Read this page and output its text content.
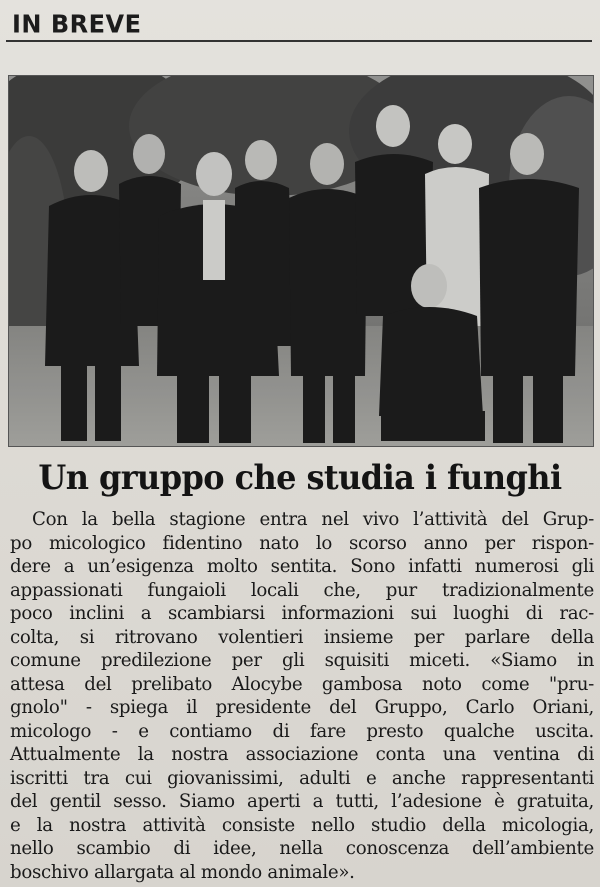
IN BREVE
Un gruppo che studia i funghi
Con la bella stagione entra nel vivo l’attività del Grup-
po micologico fidentino nato lo scorso anno per rispon-
dere a un’esigenza molto sentita. Sono infatti numerosi gli
appassionati fungaioli locali che, pur tradizionalmente
poco inclini a scambiarsi informazioni sui luoghi di rac-
colta, si ritrovano volentieri insieme per parlare della
comune predilezione per gli squisiti miceti. «Siamo in
attesa del prelibato Alocybe gambosa noto come "pru-
gnolo" - spiega il presidente del Gruppo, Carlo Oriani,
micologo - e contiamo di fare presto qualche uscita.
Attualmente la nostra associazione conta una ventina di
iscritti tra cui giovanissimi, adulti e anche rappresentanti
del gentil sesso. Siamo aperti a tutti, l’adesione è gratuita,
e la nostra attività consiste nello studio della micologia,
nello scambio di idee, nella conoscenza dell’ambiente
boschivo allargata al mondo animale».
